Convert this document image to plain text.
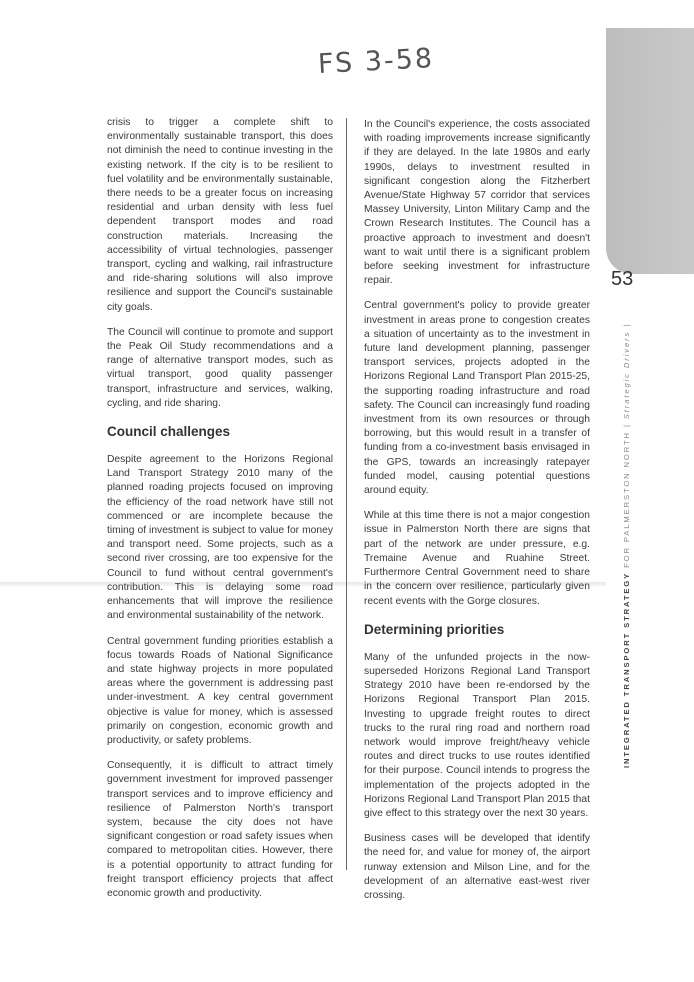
FS 3-58

crisis to trigger a complete shift to environmentally sustainable transport, this does not diminish the need to continue investing in the existing network. If the city is to be resilient to fuel volatility and be environmentally sustainable, there needs to be a greater focus on increasing residential and urban density with less fuel dependent transport modes and road construction materials. Increasing the accessibility of virtual technologies, passenger transport, cycling and walking, rail infrastructure and ride-sharing solutions will also improve resilience and support the Council's sustainable city goals.

The Council will continue to promote and support the Peak Oil Study recommendations and a range of alternative transport modes, such as virtual transport, good quality passenger transport, infrastructure and services, walking, cycling, and ride sharing.

Council challenges

Despite agreement to the Horizons Regional Land Transport Strategy 2010 many of the planned roading projects focused on improving the efficiency of the road network have still not commenced or are incomplete because the timing of investment is subject to value for money and transport need. Some projects, such as a second river crossing, are too expensive for the Council to fund without central government's contribution. This is delaying some road enhancements that will improve the resilience and environmental sustainability of the network.

Central government funding priorities establish a focus towards Roads of National Significance and state highway projects in more populated areas where the government is addressing past under-investment. A key central government objective is value for money, which is assessed primarily on congestion, economic growth and productivity, or safety problems.

Consequently, it is difficult to attract timely government investment for improved passenger transport services and to improve efficiency and resilience of Palmerston North's transport system, because the city does not have significant congestion or road safety issues when compared to metropolitan cities. However, there is a potential opportunity to attract funding for freight transport efficiency projects that affect economic growth and productivity.

In the Council's experience, the costs associated with roading improvements increase significantly if they are delayed. In the late 1980s and early 1990s, delays to investment resulted in significant congestion along the Fitzherbert Avenue/State Highway 57 corridor that services Massey University, Linton Military Camp and the Crown Research Institutes. The Council has a proactive approach to investment and doesn't want to wait until there is a significant problem before seeking investment for infrastructure repair.

Central government's policy to provide greater investment in areas prone to congestion creates a situation of uncertainty as to the investment in future land development planning, passenger transport services, projects adopted in the Horizons Regional Land Transport Plan 2015-25, the supporting roading infrastructure and road safety. The Council can increasingly fund roading investment from its own resources or through borrowing, but this would result in a transfer of funding from a co-investment basis envisaged in the GPS, towards an increasingly ratepayer funded model, causing potential questions around equity.

While at this time there is not a major congestion issue in Palmerston North there are signs that part of the network are under pressure, e.g. Tremaine Avenue and Ruahine Street. Furthermore Central Government need to share in the concern over resilience, particularly given recent events with the Gorge closures.

Determining priorities

Many of the unfunded projects in the now-superseded Horizons Regional Land Transport Strategy 2010 have been re-endorsed by the Horizons Regional Transport Plan 2015. Investing to upgrade freight routes to direct trucks to the rural ring road and northern road network would improve freight/heavy vehicle routes and direct trucks to use routes identified for their purpose. Council intends to progress the implementation of the projects adopted in the Horizons Regional Land Transport Plan 2015 that give effect to this strategy over the next 30 years.

Business cases will be developed that identify the need for, and value for money of, the airport runway extension and Milson Line, and for the development of an alternative east-west river crossing.

53
INTEGRATED TRANSPORT STRATEGY FOR PALMERSTON NORTH | Strategic Drivers |
